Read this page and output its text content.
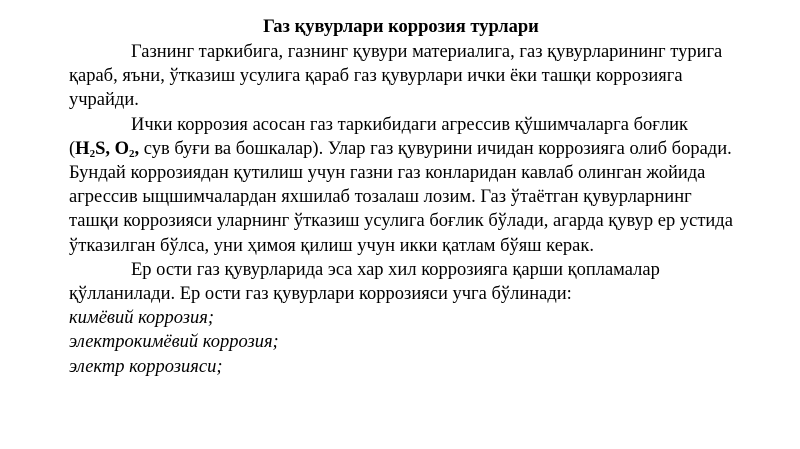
Газ қувурлари коррозия турлари

Газнинг таркибига, газнинг қувури материалига, газ қувурларининг турига қараб, яъни, ўтказиш усулига қараб газ қувурлари ички ёки ташқи коррозияга учрайди.

Ички коррозия асосан газ таркибидаги агрессив қўшимчаларга боғлик ($H_2S$, $O_2$, сув буғи ва бошкалар). Улар газ қувурини ичидан коррозияга олиб боради. Бундай коррозиядан қутилиш учун газни газ конларидан кавлаб олинган жойида агрессив ыщшимчалардан яхшилаб тозалаш лозим. Газ ўтаётган қувурларнинг ташқи коррозияси уларнинг ўтказиш усулига боғлик бўлади, агарда қувур ер устида ўтказилган бўлса, уни ҳимоя қилиш учун икки қатлам бўяш керак.

Ер ости газ қувурларида эса хар хил коррозияга қарши қопламалар қўлланилади. Ер ости газ қувурлари коррозияси учга бўлинади:

кимёвий коррозия;
электрокимёвий коррозия;
электр коррозияси;
